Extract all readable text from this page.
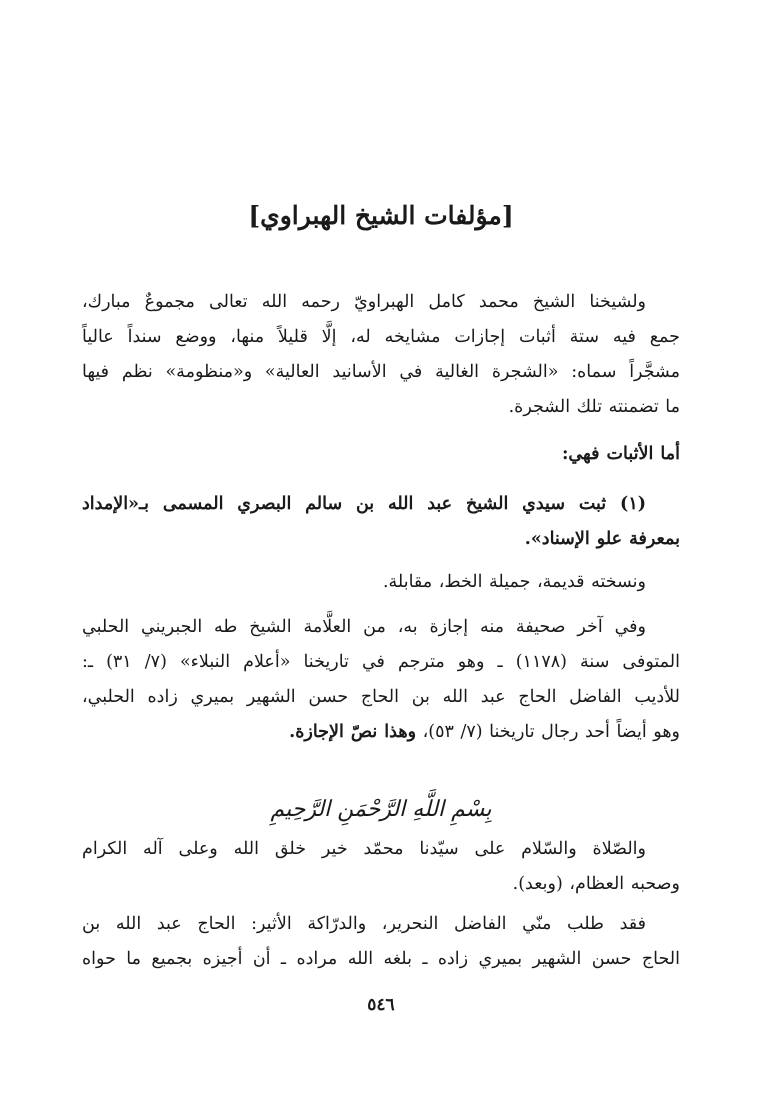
[مؤلفات الشيخ الهبراوي]

ولشيخنا الشيخ محمد كامل الهبراويّ رحمه الله تعالى مجموعٌ مبارك،
جمع فيه ستة أثبات إجازات مشايخه له، إلَّا قليلاً منها، ووضع سنداً عالياً
مشجَّراً سماه: «الشجرة الغالية في الأسانيد العالية» و«منظومة» نظم فيها
ما تضمنته تلك الشجرة.

أما الأثبات فهي:

(١) ثبت سيدي الشيخ عبد الله بن سالم البصري المسمى بـ«الإمداد
بمعرفة علو الإسناد».

ونسخته قديمة، جميلة الخط، مقابلة.

وفي آخر صحيفة منه إجازة به، من العلَّامة الشيخ طه الجبريني الحلبي
المتوفى سنة (١١٧٨) ـ وهو مترجم في تاريخنا «أعلام النبلاء» (٧/ ٣١) ـ:
للأديب الفاضل الحاج عبد الله بن الحاج حسن الشهير بميري زاده الحلبي،
وهو أيضاً أحد رجال تاريخنا (٧/ ٥٣)، وهذا نصّ الإجازة.

بِسْمِ اللَّهِ الرَّحْمَنِ الرَّحِيمِ

والصّلاة والسّلام على سيّدنا محمّد خير خلق الله وعلى آله الكرام
وصحبه العظام، (وبعد).

فقد طلب منّي الفاضل النحرير، والدرّاكة الأثير: الحاج عبد الله بن
الحاج حسن الشهير بميري زاده ـ بلغه الله مراده ـ أن أجيزه بجميع ما حواه

٥٤٦
